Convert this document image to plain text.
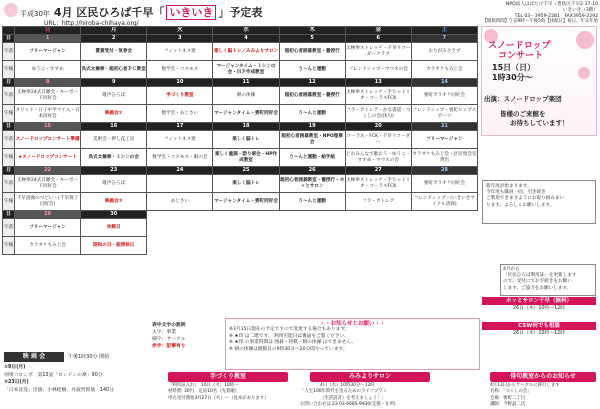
平成30年 4月 区民ひろば千早「 いきいき 」予定表
URL：http://hiroba-chihaya.org/
NPO法人はばたけ千早（豊島区千早2-17-10
いきいき（3階）
TEL 03－3959-2281　FAX3959-2292
【開館時間】午前9時〜午後5時【休館日】祝日、年末年始
	日	月	火	水	木	金	土
日	1	2	3	4	5	6	7
午前	フリーマージャン	賃貸受付・気骨会	フィットネス要	楽しく脳トレ／みみよりサロン	超初心者囲碁教室・養授行	太極拳ストレッチ・千早リコーダークラブ	おりがみクラブ
午後	ゆうこ・すすめ	呉式太極拳・超初心者ＰＣ教室	数学会・コスモス	マージャンタイム・ミシンの会・ＨＰ作成教室	う〜んと運動	フレンドシップ・マウスの会	カラオケもみじ会
日	8	9	10	11	12	13	14
午前	太極拳24式日曜会・キーボード同好会	歌声ひろば	手づくり教室	朝の体操	超初心者囲碁教室・養授行	太極拳ストレッチ・手ぢゃトリオ・コーラスFCK	要町カラオケ同好会
午後	タリット・日子中平ウイ入・日本同好会	映画会①	数学会・あじさい	マージャンタイム・要町同好会	う〜んと運動	フラ・カトレア・かな書道・つくしの会(体句)	フレンドシップ・要町ヒップスポーツ
日	15	16	17	18	19	20	21
午前	スノードロップコンサート準備	美術会・押し花工房	フィットネス要	楽しく脳トレ	超初心者囲碁教室・NPO理事会	コーラス・FCK・千早リコーダー	フリーマージャン
午後	★スノードロップコンサート	呉式太極拳・ミシンの会	数学会・コスモス・眼の会	楽しく童謡・語り部会・HP作成教室	う〜んと運動・給手紙	どれみんなで歌おう・ゆうこ・すすめ・マウスの会	カラオケもみじ会・区民集会室貸出
日	22	23	24	25	26	27	28
午前	太極拳24式日曜会・キーボード同好会	歌声ひろば		楽しく脳トレ	超初心者囲碁教室・養授行・ホッとサロン	太極拳ストレッチ・手ぢゃトリオ・コーラスFCK	要町カラオケ同好会
午後	千早謡曲のつどい・(千早仮丁目町会)	映画会②	あじさい	マージャンタイム・要町同好会	う〜んと運動	フラ・カトレア	フレンドシップ・(いきいきサイクル清掃)
日	29	30					
午前	フリーマージャン	休館日					
午後	カラオケもみじ会	昭和の日・振替休日					
スノードロップ
コンサート
15日（日）
1時30分～
出演：スノードロップ楽団
皆様のご来館を
お待ちしています！
新年度が始まります。
今年度も職員一同、引き続き
ご利用できますようにお取り組みまい
ります。よろしくお願いします。
4月から
「区民ひろば利用証」を更新します
ので、受付にてお手続きをお願い
します。ご協力をお願いします。
ホッとサロン千早（無料）
26日（木）10時～12時
CSW何でも相談
26日（木）10時～12時
表中文字の説明
太字：事業
細字：サークル
赤字：記事有り
・・お知らせとお願い・・
※3月15日現在の予定ですので変更する場合もあります。
※ ★印 は二階です。 利用可能日は裏面をご覧ください。
※ ★印 の事業時間は 囲碁・将棋・朝の体操 はできません。
※ 朝の体操は開館日の9時30分〜20分間やっています。
映 画 会	午後1時30分 開始
①9日(月)
刑事コロンボ　第13話「ロンドンの傘」90分
②23日(月)
「日本沈没」出演：小林桂樹、丹波哲郎他　140分
手づくり教室
『利用証入れ』　10日（火）10時～
材料費: 30円　定員10名（先着順）
申込受付開始3月27日（火）〜（見本があります）
みみよりサロン
4日（水）10時30分～12時
「人生100年時代を送るためのライフプラン
（生活設計）を考えましょう！」
お問い合わせは 23 03-6685-9930(支援・在所)
俳句教室からのお知らせ
4月13日からサークルに移行します
名称：「つくしの会」
会場：要町二丁目
講師：今野晶二氏
